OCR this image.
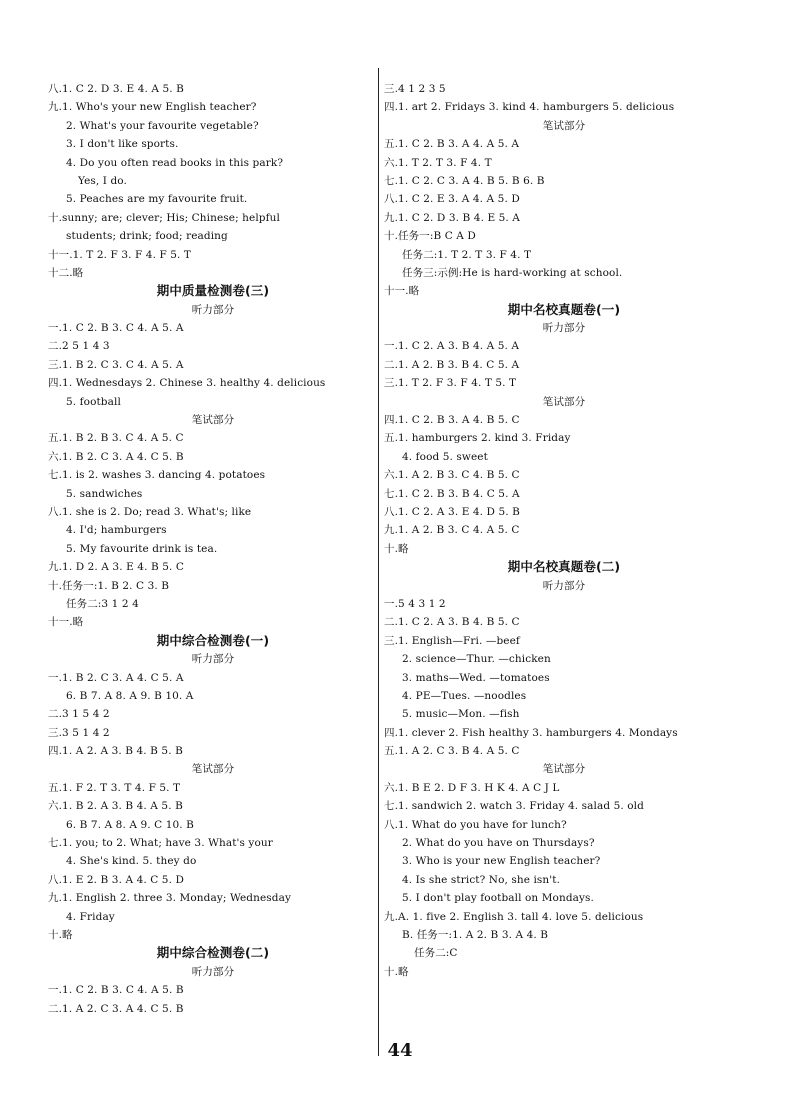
八.1. C 2. D 3. E 4. A 5. B
九.1. Who's your new English teacher?
2. What's your favourite vegetable?
3. I don't like sports.
4. Do you often read books in this park?
Yes, I do.
5. Peaches are my favourite fruit.
十.sunny; are; clever; His; Chinese; helpful
students; drink; food; reading
十一.1. T 2. F 3. F 4. F 5. T
十二.略
期中质量检测卷(三)
听力部分
一.1. C 2. B 3. C 4. A 5. A
二.2 5 1 4 3
三.1. B 2. C 3. C 4. A 5. A
四.1. Wednesdays 2. Chinese 3. healthy 4. delicious
5. football
笔试部分
五.1. B 2. B 3. C 4. A 5. C
六.1. B 2. C 3. A 4. C 5. B
七.1. is 2. washes 3. dancing 4. potatoes
5. sandwiches
八.1. she is 2. Do; read 3. What's; like
4. I'd; hamburgers
5. My favourite drink is tea.
九.1. D 2. A 3. E 4. B 5. C
十.任务一:1. B 2. C 3. B
任务二:3 1 2 4
十一.略
期中综合检测卷(一)
听力部分
一.1. B 2. C 3. A 4. C 5. A
6. B 7. A 8. A 9. B 10. A
二.3 1 5 4 2
三.3 5 1 4 2
四.1. A 2. A 3. B 4. B 5. B
笔试部分
五.1. F 2. T 3. T 4. F 5. T
六.1. B 2. A 3. B 4. A 5. B
6. B 7. A 8. A 9. C 10. B
七.1. you; to 2. What; have 3. What's your
4. She's kind. 5. they do
八.1. E 2. B 3. A 4. C 5. D
九.1. English 2. three 3. Monday; Wednesday
4. Friday
十.略
期中综合检测卷(二)
听力部分
一.1. C 2. B 3. C 4. A 5. B
二.1. A 2. C 3. A 4. C 5. B
三.4 1 2 3 5
四.1. art 2. Fridays 3. kind 4. hamburgers 5. delicious
笔试部分
五.1. C 2. B 3. A 4. A 5. A
六.1. T 2. T 3. F 4. T
七.1. C 2. C 3. A 4. B 5. B 6. B
八.1. C 2. E 3. A 4. A 5. D
九.1. C 2. D 3. B 4. E 5. A
十.任务一:B C A D
任务二:1. T 2. T 3. F 4. T
任务三:示例:He is hard-working at school.
十一.略
期中名校真题卷(一)
听力部分
一.1. C 2. A 3. B 4. A 5. A
二.1. A 2. B 3. B 4. C 5. A
三.1. T 2. F 3. F 4. T 5. T
笔试部分
四.1. C 2. B 3. A 4. B 5. C
五.1. hamburgers 2. kind 3. Friday
4. food 5. sweet
六.1. A 2. B 3. C 4. B 5. C
七.1. C 2. B 3. B 4. C 5. A
八.1. C 2. A 3. E 4. D 5. B
九.1. A 2. B 3. C 4. A 5. C
十.略
期中名校真题卷(二)
听力部分
一.5 4 3 1 2
二.1. C 2. A 3. B 4. B 5. C
三.1. English—Fri. —beef
2. science—Thur. —chicken
3. maths—Wed. —tomatoes
4. PE—Tues. —noodles
5. music—Mon. —fish
四.1. clever 2. Fish healthy 3. hamburgers 4. Mondays
五.1. A 2. C 3. B 4. A 5. C
笔试部分
六.1. B E 2. D F 3. H K 4. A C J L
七.1. sandwich 2. watch 3. Friday 4. salad 5. old
八.1. What do you have for lunch?
2. What do you have on Thursdays?
3. Who is your new English teacher?
4. Is she strict? No, she isn't.
5. I don't play football on Mondays.
九.A. 1. five 2. English 3. tall 4. love 5. delicious
B. 任务一:1. A 2. B 3. A 4. B
任务二:C
十.略
44
